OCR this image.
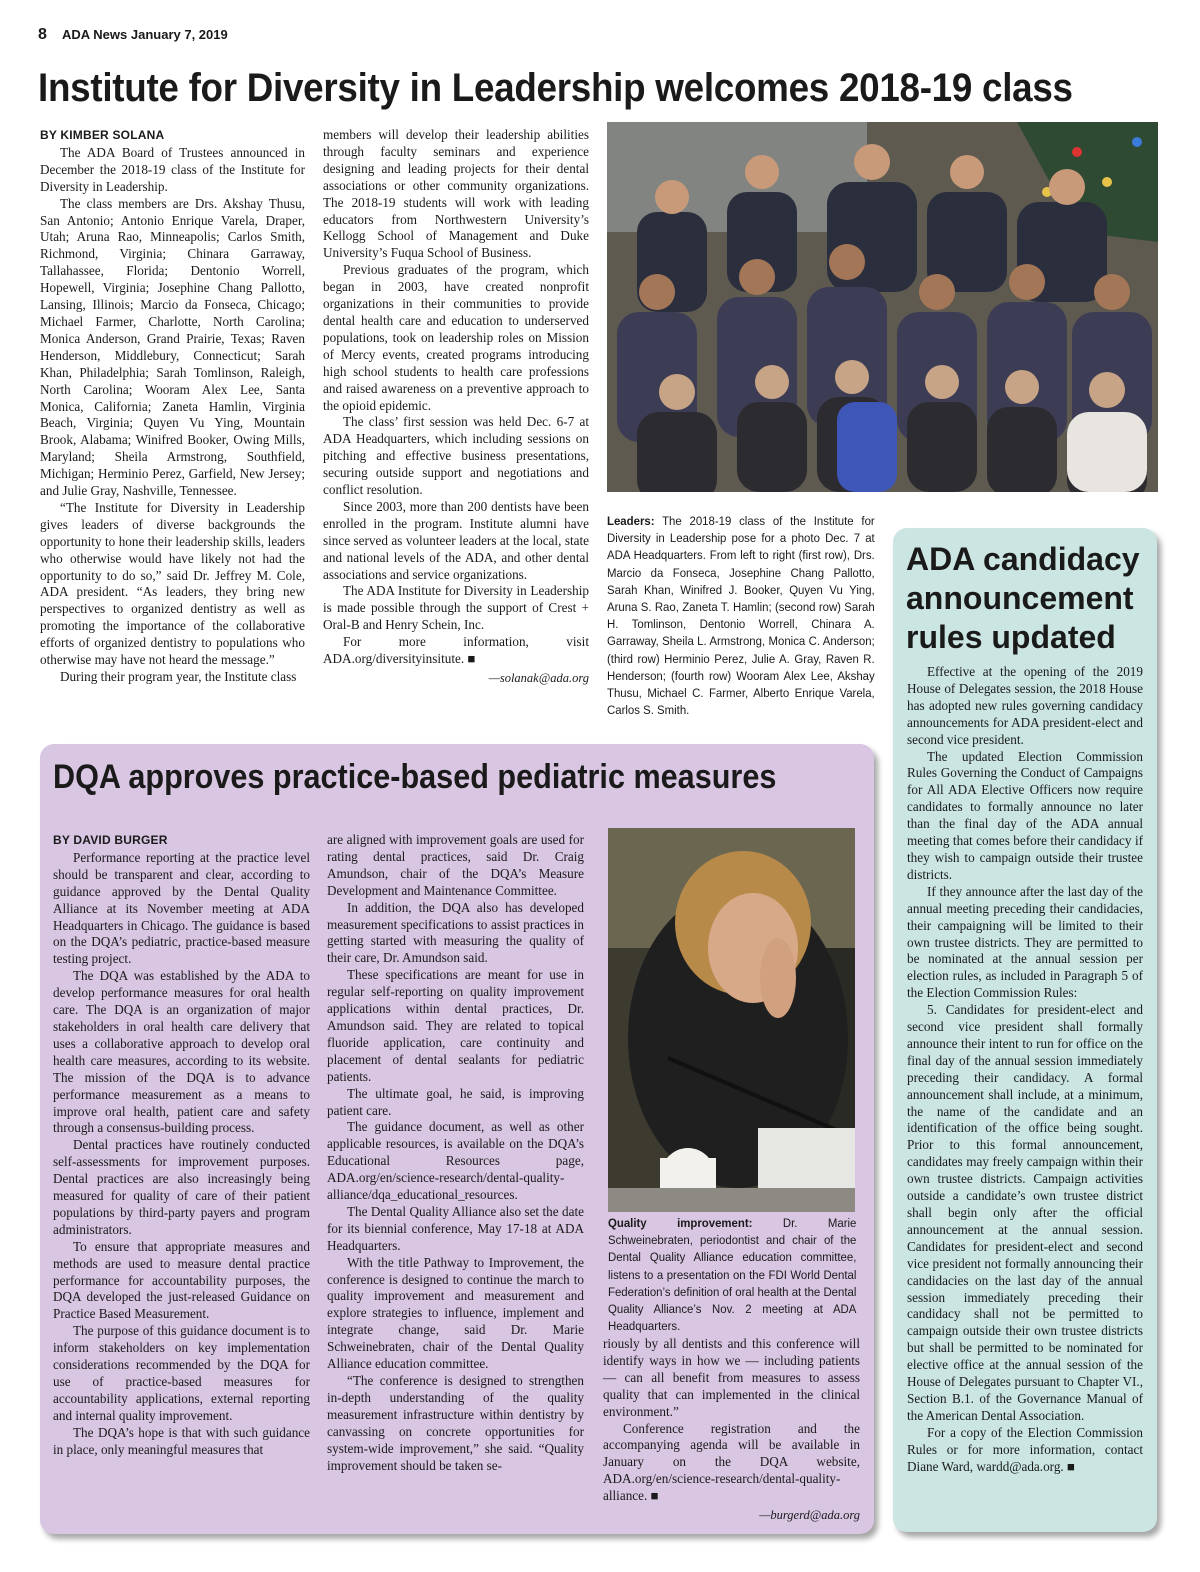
8 ADA News January 7, 2019
Institute for Diversity in Leadership welcomes 2018-19 class
BY KIMBER SOLANA

The ADA Board of Trustees announced in December the 2018-19 class of the Institute for Diversity in Leadership.

The class members are Drs. Akshay Thusu, San Antonio; Antonio Enrique Varela, Draper, Utah; Aruna Rao, Minneapolis; Carlos Smith, Richmond, Virginia; Chinara Garraway, Tallahassee, Florida; Dentonio Worrell, Hopewell, Virginia; Josephine Chang Pallotto, Lansing, Illinois; Marcio da Fonseca, Chicago; Michael Farmer, Charlotte, North Carolina; Monica Anderson, Grand Prairie, Texas; Raven Henderson, Middlebury, Connecticut; Sarah Khan, Philadelphia; Sarah Tomlinson, Raleigh, North Carolina; Wooram Alex Lee, Santa Monica, California; Zaneta Hamlin, Virginia Beach, Virginia; Quyen Vu Ying, Mountain Brook, Alabama; Winifred Booker, Owing Mills, Maryland; Sheila Armstrong, Southfield, Michigan; Herminio Perez, Garfield, New Jersey; and Julie Gray, Nashville, Tennessee.

“The Institute for Diversity in Leadership gives leaders of diverse backgrounds the opportunity to hone their leadership skills, leaders who otherwise would have likely not had the opportunity to do so,” said Dr. Jeffrey M. Cole, ADA president. “As leaders, they bring new perspectives to organized dentistry as well as promoting the importance of the collaborative efforts of organized dentistry to populations who otherwise may have not heard the message.”

During their program year, the Institute class

members will develop their leadership abilities through faculty seminars and experience designing and leading projects for their dental associations or other community organizations. The 2018-19 students will work with leading educators from Northwestern University’s Kellogg School of Management and Duke University’s Fuqua School of Business.

Previous graduates of the program, which began in 2003, have created nonprofit organizations in their communities to provide dental health care and education to underserved populations, took on leadership roles on Mission of Mercy events, created programs introducing high school students to health care professions and raised awareness on a preventive approach to the opioid epidemic.

The class’ first session was held Dec. 6-7 at ADA Headquarters, which including sessions on pitching and effective business presentations, securing outside support and negotiations and conflict resolution.

Since 2003, more than 200 dentists have been enrolled in the program. Institute alumni have since served as volunteer leaders at the local, state and national levels of the ADA, and other dental associations and service organizations.

The ADA Institute for Diversity in Leadership is made possible through the support of Crest + Oral-B and Henry Schein, Inc.

For more information, visit ADA.org/diversityinsitute. ■

—solanak@ada.org
Leaders: The 2018-19 class of the Institute for Diversity in Leadership pose for a photo Dec. 7 at ADA Headquarters. From left to right (first row), Drs. Marcio da Fonseca, Josephine Chang Pallotto, Sarah Khan, Winifred J. Booker, Quyen Vu Ying, Aruna S. Rao, Zaneta T. Hamlin; (second row) Sarah H. Tomlinson, Dentonio Worrell, Chinara A. Garraway, Sheila L. Armstrong, Monica C. Anderson; (third row) Herminio Perez, Julie A. Gray, Raven R. Henderson; (fourth row) Wooram Alex Lee, Akshay Thusu, Michael C. Farmer, Alberto Enrique Varela, Carlos S. Smith.
DQA approves practice-based pediatric measures
BY DAVID BURGER

Performance reporting at the practice level should be transparent and clear, according to guidance approved by the Dental Quality Alliance at its November meeting at ADA Headquarters in Chicago. The guidance is based on the DQA’s pediatric, practice-based measure testing project.

The DQA was established by the ADA to develop performance measures for oral health care. The DQA is an organization of major stakeholders in oral health care delivery that uses a collaborative approach to develop oral health care measures, according to its website. The mission of the DQA is to advance performance measurement as a means to improve oral health, patient care and safety through a consensus-building process.

Dental practices have routinely conducted self-assessments for improvement purposes. Dental practices are also increasingly being measured for quality of care of their patient populations by third-party payers and program administrators.

To ensure that appropriate measures and methods are used to measure dental practice performance for accountability purposes, the DQA developed the just-released Guidance on Practice Based Measurement.

The purpose of this guidance document is to inform stakeholders on key implementation considerations recommended by the DQA for use of practice-based measures for accountability applications, external reporting and internal quality improvement.

The DQA’s hope is that with such guidance in place, only meaningful measures that

are aligned with improvement goals are used for rating dental practices, said Dr. Craig Amundson, chair of the DQA’s Measure Development and Maintenance Committee.

In addition, the DQA also has developed measurement specifications to assist practices in getting started with measuring the quality of their care, Dr. Amundson said.

These specifications are meant for use in regular self-reporting on quality improvement applications within dental practices, Dr. Amundson said. They are related to topical fluoride application, care continuity and placement of dental sealants for pediatric patients.

The ultimate goal, he said, is improving patient care.

The guidance document, as well as other applicable resources, is available on the DQA’s Educational Resources page, ADA.org/en/science-research/dental-quality-alliance/dqa_educational_resources.

The Dental Quality Alliance also set the date for its biennial conference, May 17-18 at ADA Headquarters.

With the title Pathway to Improvement, the conference is designed to continue the march to quality improvement and measurement and explore strategies to influence, implement and integrate change, said Dr. Marie Schweinebraten, chair of the Dental Quality Alliance education committee.

“The conference is designed to strengthen in-depth understanding of the quality measurement infrastructure within dentistry by canvassing on concrete opportunities for system-wide improvement,” she said. “Quality improvement should be taken se-

Quality improvement: Dr. Marie Schweinebraten, periodontist and chair of the Dental Quality Alliance education committee, listens to a presentation on the FDI World Dental Federation’s definition of oral health at the Dental Quality Alliance’s Nov. 2 meeting at ADA Headquarters.

riously by all dentists and this conference will identify ways in how we — including patients — can all benefit from measures to assess quality that can implemented in the clinical environment.”

Conference registration and the accompanying agenda will be available in January on the DQA website, ADA.org/en/science-research/dental-quality-alliance. ■

—burgerd@ada.org
ADA candidacy announcement rules updated

Effective at the opening of the 2019 House of Delegates session, the 2018 House has adopted new rules governing candidacy announcements for ADA president-elect and second vice president.

The updated Election Commission Rules Governing the Conduct of Campaigns for All ADA Elective Officers now require candidates to formally announce no later than the final day of the ADA annual meeting that comes before their candidacy if they wish to campaign outside their trustee districts.

If they announce after the last day of the annual meeting preceding their candidacies, their campaigning will be limited to their own trustee districts. They are permitted to be nominated at the annual session per election rules, as included in Paragraph 5 of the Election Commission Rules:

5. Candidates for president-elect and second vice president shall formally announce their intent to run for office on the final day of the annual session immediately preceding their candidacy. A formal announcement shall include, at a minimum, the name of the candidate and an identification of the office being sought. Prior to this formal announcement, candidates may freely campaign within their own trustee districts. Campaign activities outside a candidate’s own trustee district shall begin only after the official announcement at the annual session. Candidates for president-elect and second vice president not formally announcing their candidacies on the last day of the annual session immediately preceding their candidacy shall not be permitted to campaign outside their own trustee districts but shall be permitted to be nominated for elective office at the annual session of the House of Delegates pursuant to Chapter VI., Section B.1. of the Governance Manual of the American Dental Association.

For a copy of the Election Commission Rules or for more information, contact Diane Ward, wardd@ada.org. ■
